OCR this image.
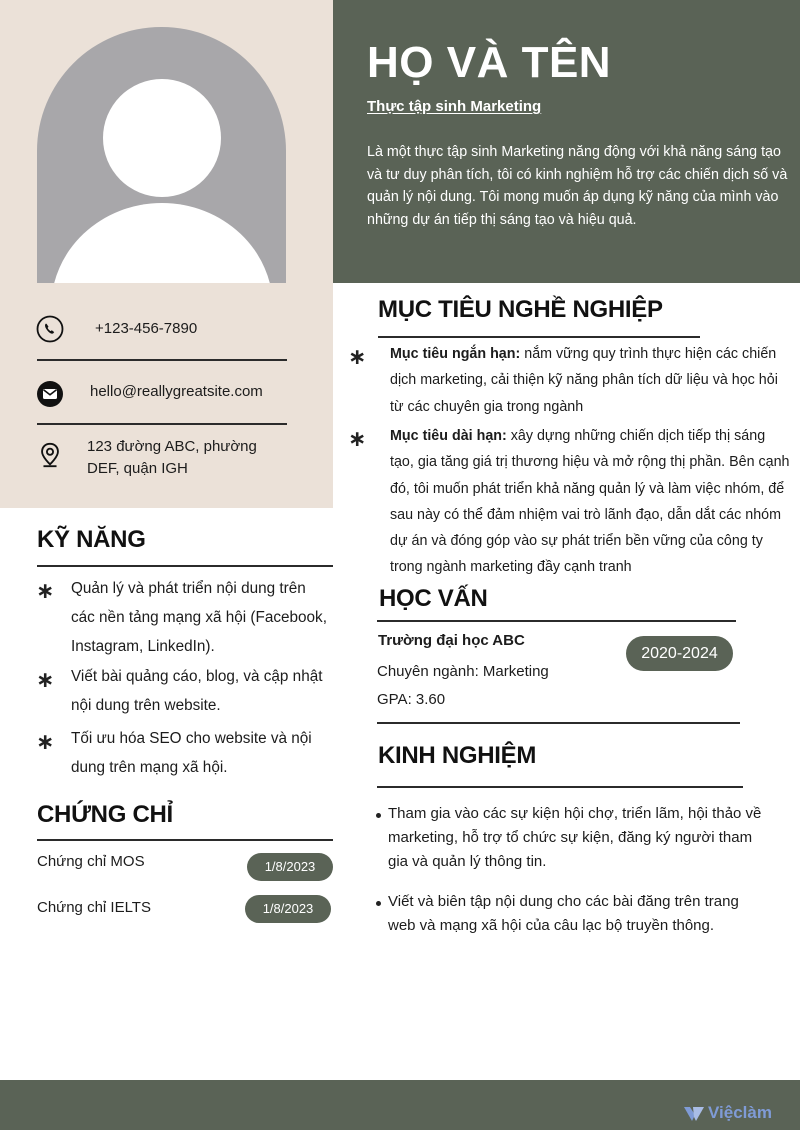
HỌ VÀ TÊN
Thực tập sinh Marketing
Là một thực tập sinh Marketing năng động với khả năng sáng tạo và tư duy phân tích, tôi có kinh nghiệm hỗ trợ các chiến dịch số và quản lý nội dung. Tôi mong muốn áp dụng kỹ năng của mình vào những dự án tiếp thị sáng tạo và hiệu quả.
+123-456-7890
hello@reallygreatsite.com
123 đường ABC, phường DEF, quận IGH
KỸ NĂNG
∗ Quản lý và phát triển nội dung trên các nền tảng mạng xã hội (Facebook, Instagram, LinkedIn).
∗ Viết bài quảng cáo, blog, và cập nhật nội dung trên website.
∗ Tối ưu hóa SEO cho website và nội dung trên mạng xã hội.
CHỨNG CHỈ
Chứng chỉ MOS	1/8/2023
Chứng chỉ IELTS	1/8/2023
MỤC TIÊU NGHỀ NGHIỆP
∗ Mục tiêu ngắn hạn: nắm vững quy trình thực hiện các chiến dịch marketing, cải thiện kỹ năng phân tích dữ liệu và học hỏi từ các chuyên gia trong ngành
∗ Mục tiêu dài hạn: xây dựng những chiến dịch tiếp thị sáng tạo, gia tăng giá trị thương hiệu và mở rộng thị phần. Bên cạnh đó, tôi muốn phát triển khả năng quản lý và làm việc nhóm, để sau này có thể đảm nhiệm vai trò lãnh đạo, dẫn dắt các nhóm dự án và đóng góp vào sự phát triển bền vững của công ty trong ngành marketing đầy cạnh tranh
HỌC VẤN
Trường đại học ABC
Chuyên ngành: Marketing
GPA: 3.60
2020-2024
KINH NGHIỆM
Tham gia vào các sự kiện hội chợ, triển lãm, hội thảo về marketing, hỗ trợ tổ chức sự kiện, đăng ký người tham gia và quản lý thông tin.
Viết và biên tập nội dung cho các bài đăng trên trang web và mạng xã hội của câu lạc bộ truyền thông.
Việclàm
